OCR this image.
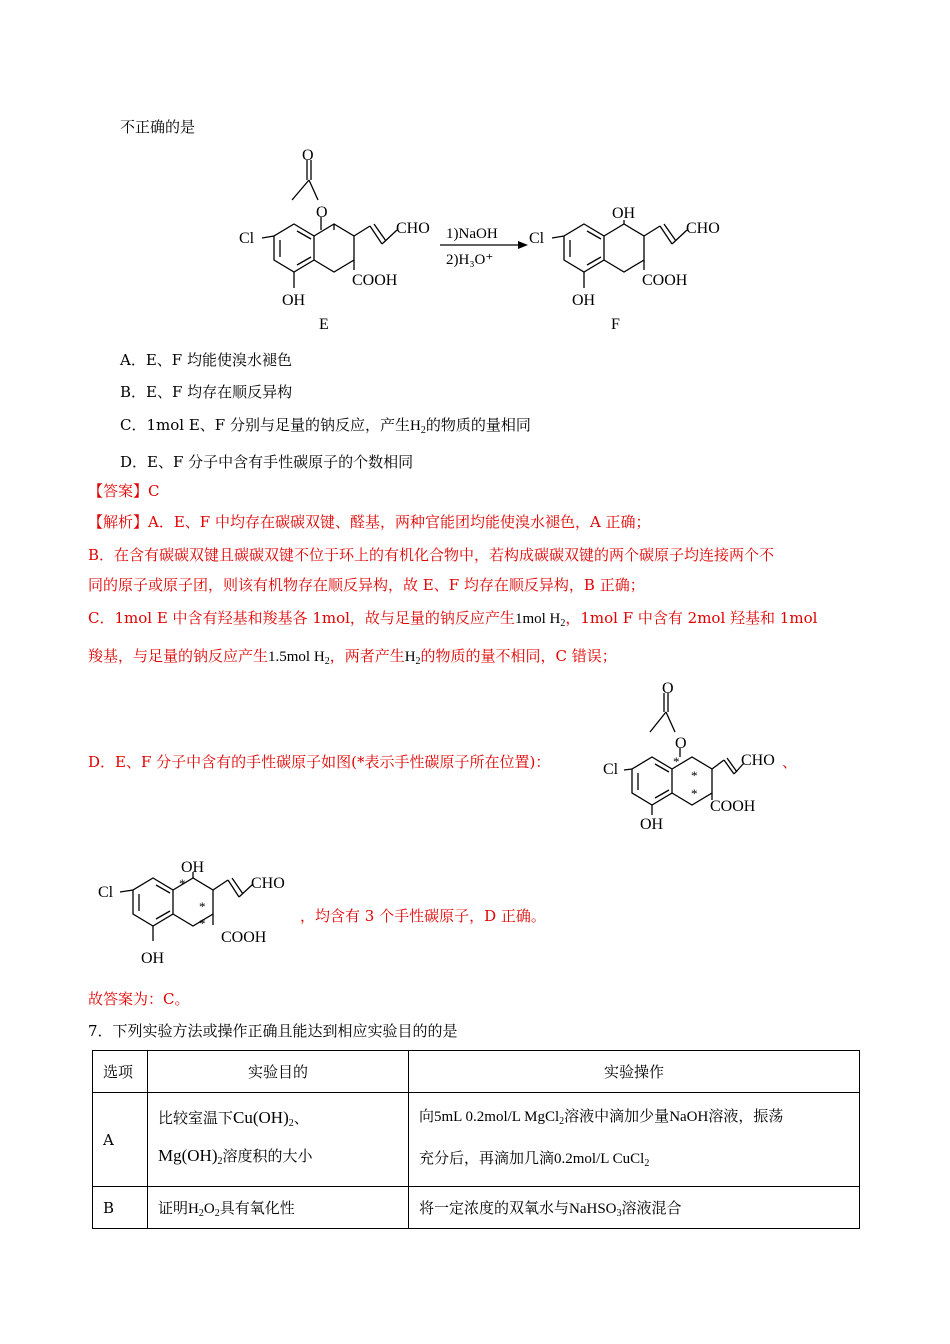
不正确的是
O
O
Cl
CHO
COOH
OH
E
1)NaOH
2)H₃O⁺
OH
Cl
CHO
COOH
OH
F
A．E、F 均能使溴水褪色
B．E、F 均存在顺反异构
C．1mol E、F 分别与足量的钠反应，产生$H_2$的物质的量相同
D．E、F 分子中含有手性碳原子的个数相同
【答案】C
【解析】A．E、F 中均存在碳碳双键、醛基，两种官能团均能使溴水褪色，A 正确；
B．在含有碳碳双键且碳碳双键不位于环上的有机化合物中，若构成碳碳双键的两个碳原子均连接两个不
同的原子或原子团，则该有机物存在顺反异构，故 E、F 均存在顺反异构，B 正确；
C．1mol E 中含有羟基和羧基各 1mol，故与足量的钠反应产生1mol $H_2$，1mol F 中含有 2mol 羟基和 1mol
羧基，与足量的钠反应产生1.5mol $H_2$，两者产生$H_2$的物质的量不相同，C 错误；
D．E、F 分子中含有的手性碳原子如图(*表示手性碳原子所在位置)：
O
O
Cl
CHO
COOH
OH
*
*
*
、
OH
Cl
CHO
COOH
OH
*
*
*	，均含有 3 个手性碳原子，D 正确。
故答案为：C。
7．下列实验方法或操作正确且能达到相应实验目的的是
选项	实验目的	实验操作
A	比较室温下$Cu(OH)_2$、
$Mg(OH)_2$溶度积的大小	向5mL 0.2mol/L MgCl$_2$溶液中滴加少量NaOH溶液，振荡
充分后，再滴加几滴0.2mol/L CuCl$_2$
B	证明$H_2O_2$具有氧化性	将一定浓度的双氧水与NaHSO$_3$溶液混合
